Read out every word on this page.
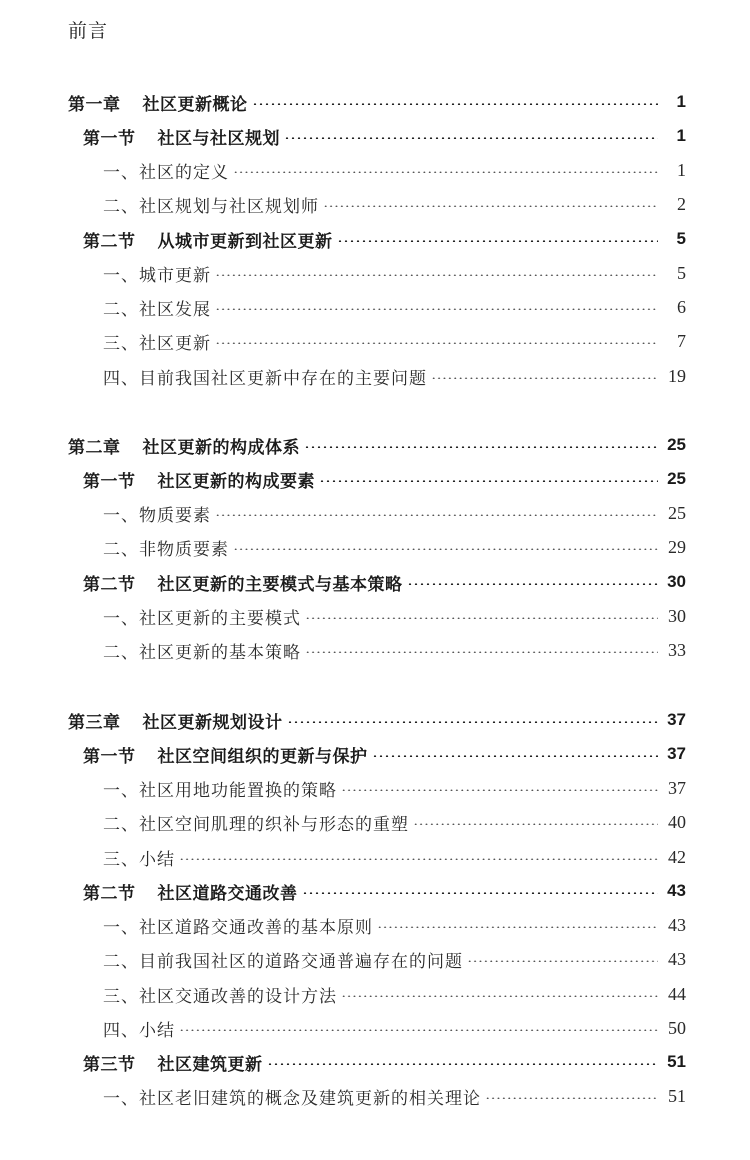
前言
第一章 社区更新概论	1
第一节 社区与社区规划	1
一、社区的定义	1
二、社区规划与社区规划师	2
第二节 从城市更新到社区更新	5
一、城市更新	5
二、社区发展	6
三、社区更新	7
四、目前我国社区更新中存在的主要问题	19
第二章 社区更新的构成体系	25
第一节 社区更新的构成要素	25
一、物质要素	25
二、非物质要素	29
第二节 社区更新的主要模式与基本策略	30
一、社区更新的主要模式	30
二、社区更新的基本策略	33
第三章 社区更新规划设计	37
第一节 社区空间组织的更新与保护	37
一、社区用地功能置换的策略	37
二、社区空间肌理的织补与形态的重塑	40
三、小结	42
第二节 社区道路交通改善	43
一、社区道路交通改善的基本原则	43
二、目前我国社区的道路交通普遍存在的问题	43
三、社区交通改善的设计方法	44
四、小结	50
第三节 社区建筑更新	51
一、社区老旧建筑的概念及建筑更新的相关理论	51
